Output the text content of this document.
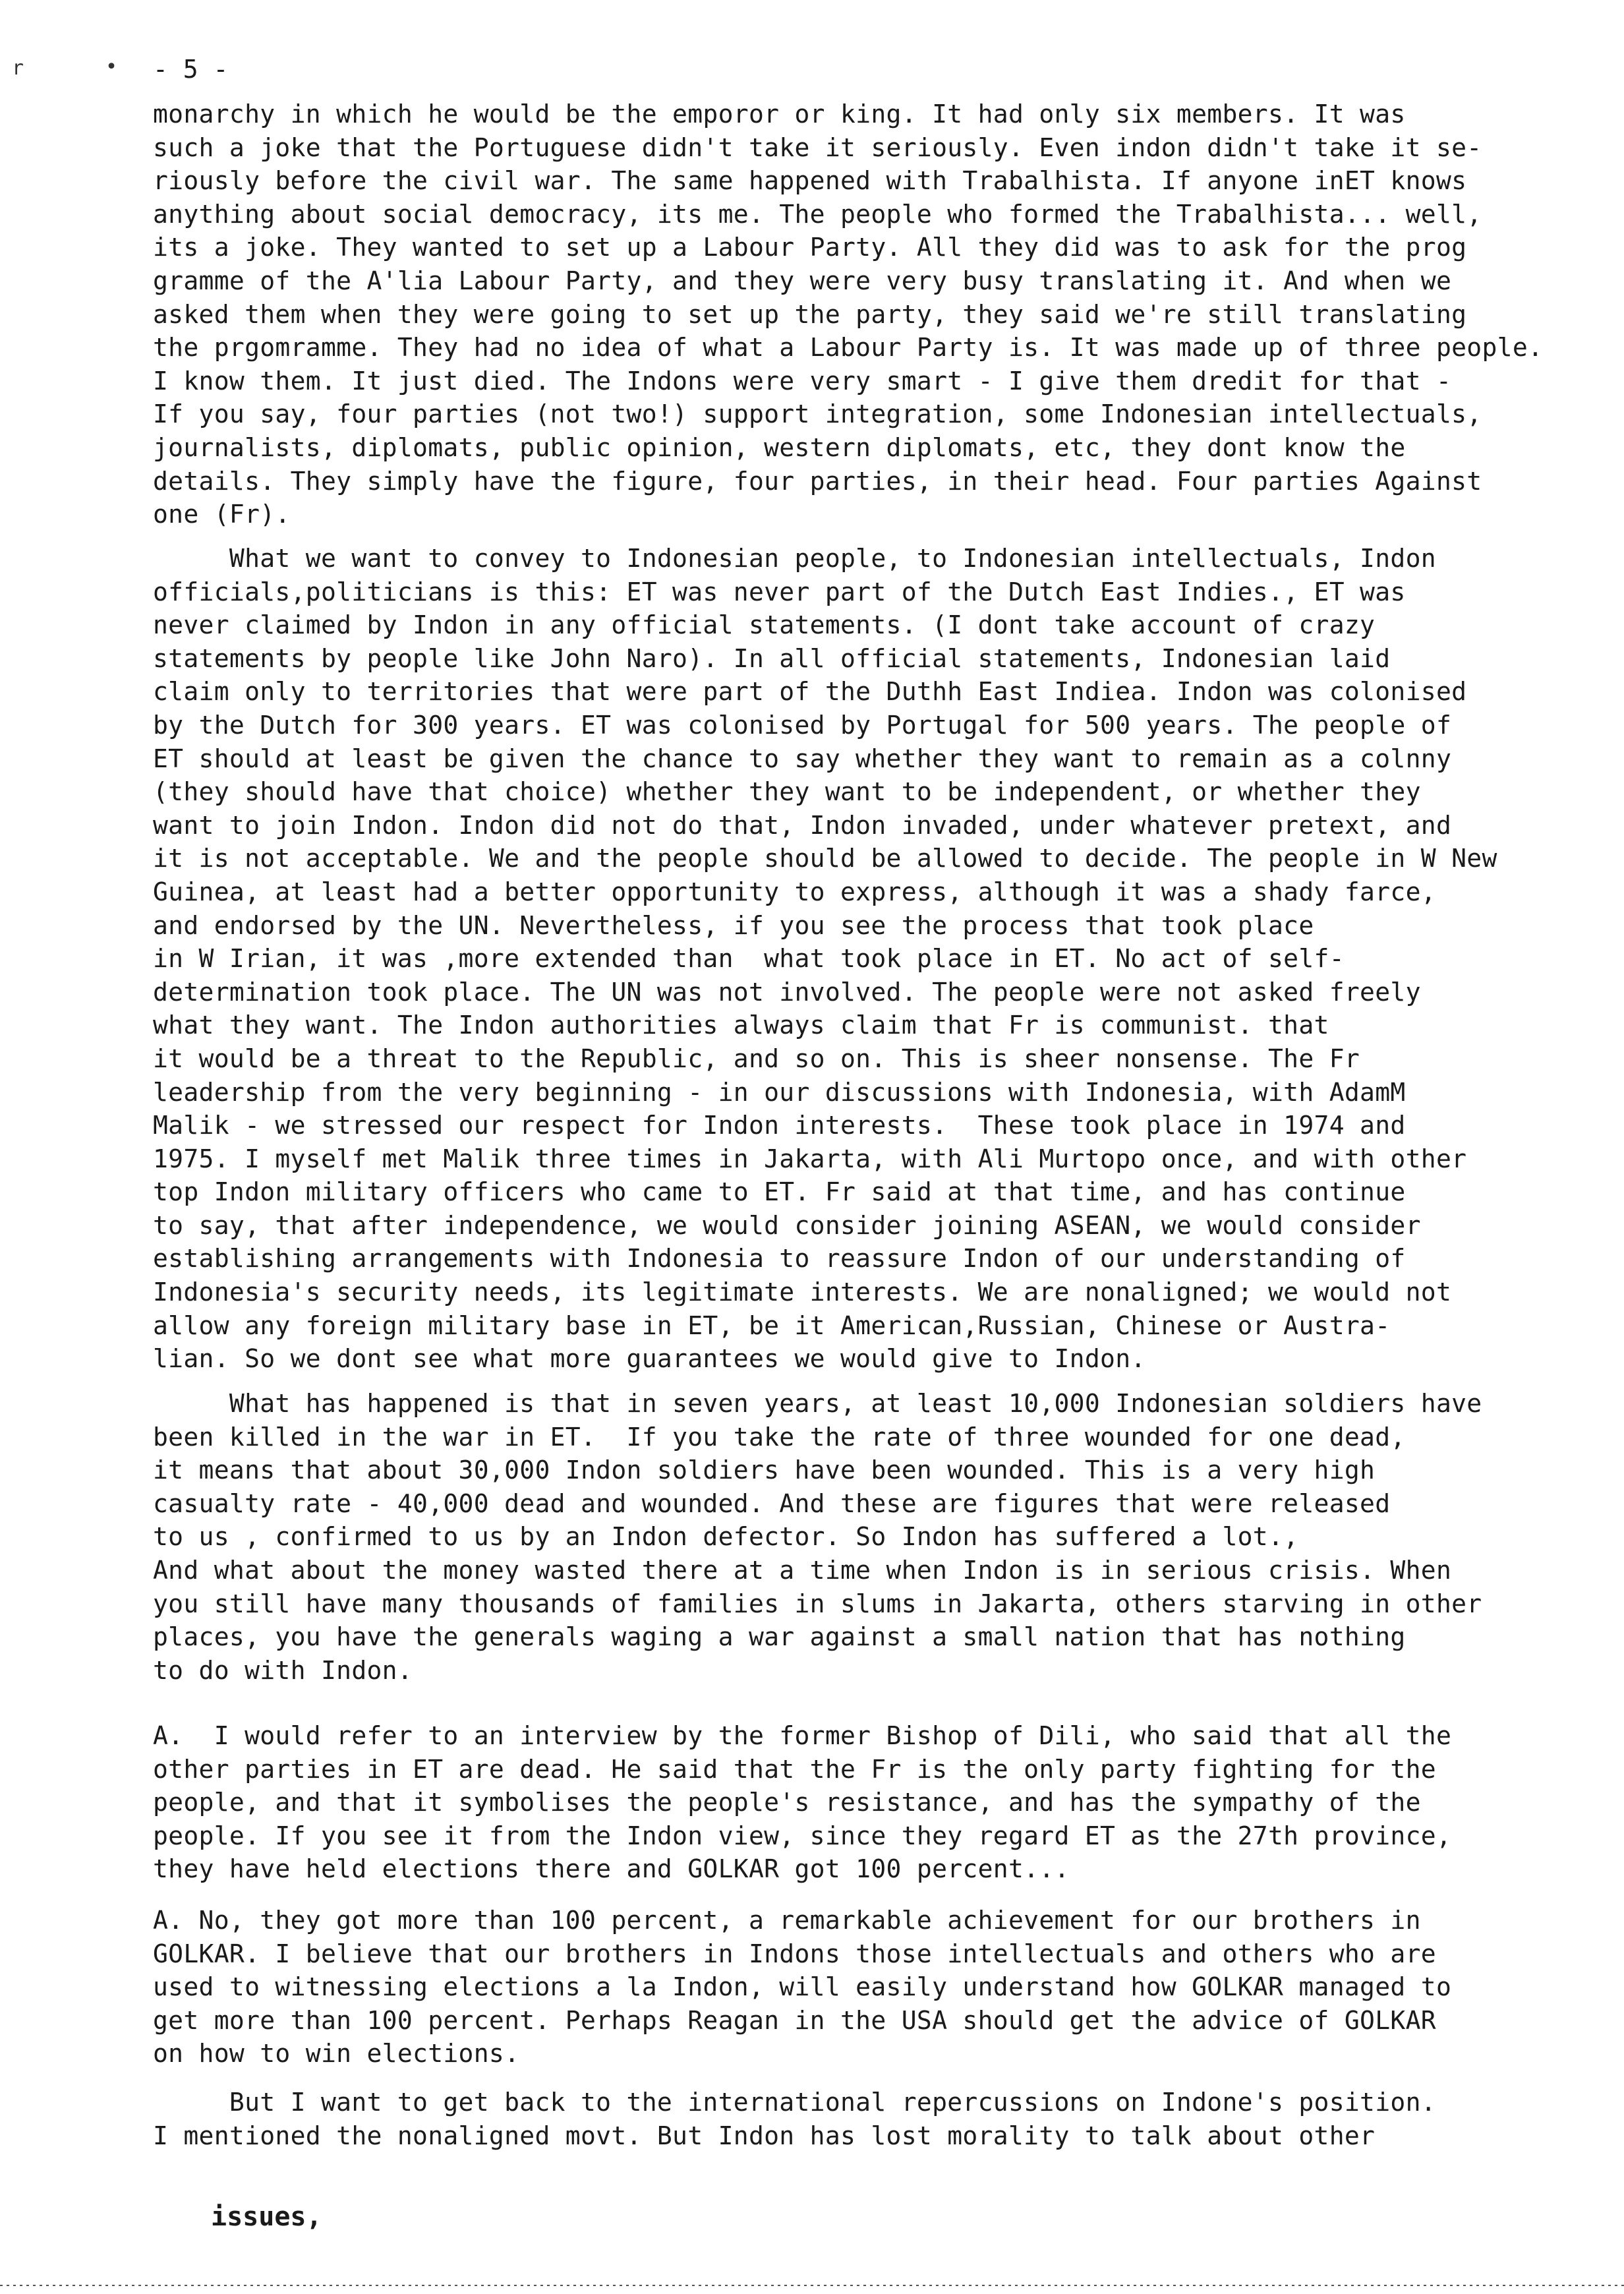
r	• - 5 -
monarchy in which he would be the emporor or king. It had only six members. It was
such a joke that the Portuguese didn't take it seriously. Even indon didn't take it se-
riously before the civil war. The same happened with Trabalhista. If anyone inET knows
anything about social democracy, its me. The people who formed the Trabalhista... well,
its a joke. They wanted to set up a Labour Party. All they did was to ask for the prog
gramme of the A'lia Labour Party, and they were very busy translating it. And when we
asked them when they were going to set up the party, they said we're still translating
the prgomramme. They had no idea of what a Labour Party is. It was made up of three people.
I know them. It just died. The Indons were very smart - I give them dredit for that -
If you say, four parties (not two!) support integration, some Indonesian intellectuals,
journalists, diplomats, public opinion, western diplomats, etc, they dont know the
details. They simply have the figure, four parties, in their head. Four parties Against
one (Fr).
What we want to convey to Indonesian people, to Indonesian intellectuals, Indon
officials,politicians is this: ET was never part of the Dutch East Indies., ET was
never claimed by Indon in any official statements. (I dont take account of crazy
statements by people like John Naro). In all official statements, Indonesian laid
claim only to territories that were part of the Duthh East Indiea. Indon was colonised
by the Dutch for 300 years. ET was colonised by Portugal for 500 years. The people of
ET should at least be given the chance to say whether they want to remain as a colnny
(they should have that choice) whether they want to be independent, or whether they
want to join Indon. Indon did not do that, Indon invaded, under whatever pretext, and
it is not acceptable. We and the people should be allowed to decide. The people in W New
Guinea, at least had a better opportunity to express, although it was a shady farce,
and endorsed by the UN. Nevertheless, if you see the process that took place
in W Irian, it was ,more extended than  what took place in ET. No act of self-
determination took place. The UN was not involved. The people were not asked freely
what they want. The Indon authorities always claim that Fr is communist. that
it would be a threat to the Republic, and so on. This is sheer nonsense. The Fr
leadership from the very beginning - in our discussions with Indonesia, with AdamM
Malik - we stressed our respect for Indon interests.  These took place in 1974 and
1975. I myself met Malik three times in Jakarta, with Ali Murtopo once, and with other
top Indon military officers who came to ET. Fr said at that time, and has continue
to say, that after independence, we would consider joining ASEAN, we would consider
establishing arrangements with Indonesia to reassure Indon of our understanding of
Indonesia's security needs, its legitimate interests. We are nonaligned; we would not
allow any foreign military base in ET, be it American,Russian, Chinese or Austra-
lian. So we dont see what more guarantees we would give to Indon.
What has happened is that in seven years, at least 10,000 Indonesian soldiers have
been killed in the war in ET.  If you take the rate of three wounded for one dead,
it means that about 30,000 Indon soldiers have been wounded. This is a very high
casualty rate - 40,000 dead and wounded. And these are figures that were released
to us , confirmed to us by an Indon defector. So Indon has suffered a lot.,
And what about the money wasted there at a time when Indon is in serious crisis. When
you still have many thousands of families in slums in Jakarta, others starving in other
places, you have the generals waging a war against a small nation that has nothing
to do with Indon.
A.  I would refer to an interview by the former Bishop of Dili, who said that all the
other parties in ET are dead. He said that the Fr is the only party fighting for the
people, and that it symbolises the people's resistance, and has the sympathy of the
people. If you see it from the Indon view, since they regard ET as the 27th province,
they have held elections there and GOLKAR got 100 percent...
A. No, they got more than 100 percent, a remarkable achievement for our brothers in
GOLKAR. I believe that our brothers in Indons those intellectuals and others who are
used to witnessing elections a la Indon, will easily understand how GOLKAR managed to
get more than 100 percent. Perhaps Reagan in the USA should get the advice of GOLKAR
on how to win elections.
But I want to get back to the international repercussions on Indone's position.
I mentioned the nonaligned movt. But Indon has lost morality to talk about other
issues,
